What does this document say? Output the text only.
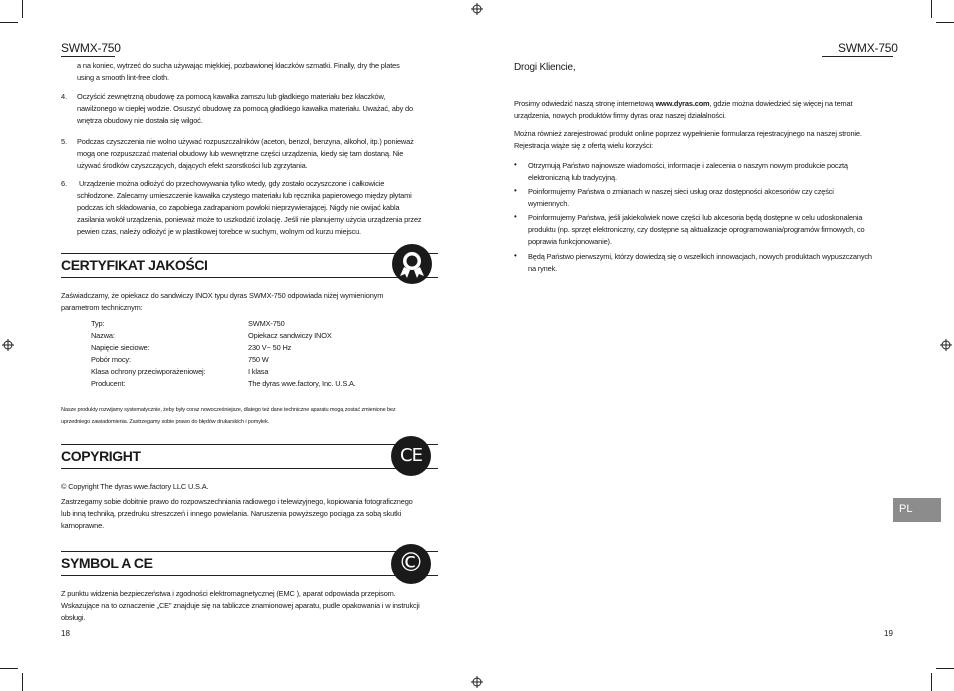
SWMX-750
a na koniec, wytrzeć do sucha używając miękkiej, pozbawionej kłaczków szmatki. Finally, dry the plates
using a smooth lint-free cloth.
4. Oczyścić zewnętrzną obudowę za pomocą kawałka zamszu lub gładkiego materiału bez kłaczków,
nawilżonego w ciepłej wodzie. Osuszyć obudowę za pomocą gładkiego kawałka materiału. Uważać, aby do
wnętrza obudowy nie dostała się wilgoć.
5. Podczas czyszczenia nie wolno używać rozpuszczalników (aceton, benzol, benzyna, alkohol, itp.) ponieważ
mogą one rozpuszczać materiał obudowy lub wewnętrzne części urządzenia, kiedy się tam dostaną. Nie
używać środków czyszczących, dających efekt szorstkości lub zgrzytania.
6. Urządzenie można odłożyć do przechowywania tylko wtedy, gdy zostało oczyszczone i całkowicie
schłodzone. Zalecamy umieszczenie kawałka czystego materiału lub ręcznika papierowego między płytami
podczas ich składowania, co zapobiega zadrapaniom powłoki nieprzywierającej. Nigdy nie owijać kabla
zasilania wokół urządzenia, ponieważ może to uszkodzić izolację. Jeśli nie planujemy użycia urządzenia przez
pewien czas, należy odłożyć je w plastikowej torebce w suchym, wolnym od kurzu miejscu.
CERTYFIKAT JAKOŚCI
Zaświadczamy, że opiekacz do sandwiczy INOX typu dyras SWMX-750 odpowiada niżej wymienionym
parametrom technicznym:
Typ:	SWMX-750
Nazwa:	Opiekacz sandwiczy INOX
Napięcie sieciowe:	230 V~ 50 Hz
Pobór mocy:	750 W
Klasa ochrony przeciwporażeniowej:	I klasa
Producent:	The dyras wwe.factory, Inc. U.S.A.
Nasze produkty rozwijamy systematycznie, żeby były coraz nowocześniejsze, dlatego też dane techniczne aparatu mogą zostać zmienione bez
uprzedniego zawiadomienia. Zastrzegamy sobie prawo do błędów drukarskich i pomyłek.
COPYRIGHT	CE
© Copyright The dyras wwe.factory LLC U.S.A.
Zastrzegamy sobie dobitnie prawo do rozpowszechniania radiowego i telewizyjnego, kopiowania fotograficznego
lub inną techniką, przedruku streszczeń i innego powielania. Naruszenia powyższego pociąga za sobą skutki
karnoprawne.
SYMBOL A CE	©
Z punktu widzenia bezpieczeństwa i zgodności elektromagnetycznej (EMC ), aparat odpowiada przepisom.
Wskazujące na to oznaczenie „CE" znajduje się na tabliczce znamionowej aparatu, pudle opakowania i w instrukcji
obsługi.
18
SWMX-750
Drogi Kliencie,
Prosimy odwiedzić naszą stronę internetową www.dyras.com, gdzie można dowiedzieć się więcej na temat
urządzenia, nowych produktów firmy dyras oraz naszej działalności.
Można również zarejestrować produkt online poprzez wypełnienie formularza rejestracyjnego na naszej stronie.
Rejestracja wiąże się z ofertą wielu korzyści:
• Otrzymują Państwo najnowsze wiadomości, informacje i zalecenia o naszym nowym produkcie pocztą
elektroniczną lub tradycyjną.
• Poinformujemy Państwa o zmianach w naszej sieci usług oraz dostępności akcesoriów czy części
wymiennych.
• Poinformujemy Państwa, jeśli jakiekolwiek nowe części lub akcesoria będą dostępne w celu udoskonalenia
produktu (np. sprzęt elektroniczny, czy dostępne są aktualizacje oprogramowania/programów firmowych, co
poprawia funkcjonowanie).
• Będą Państwo pierwszymi, którzy dowiedzą się o wszelkich innowacjach, nowych produktach wypuszczanych
na rynek.
PL
19
